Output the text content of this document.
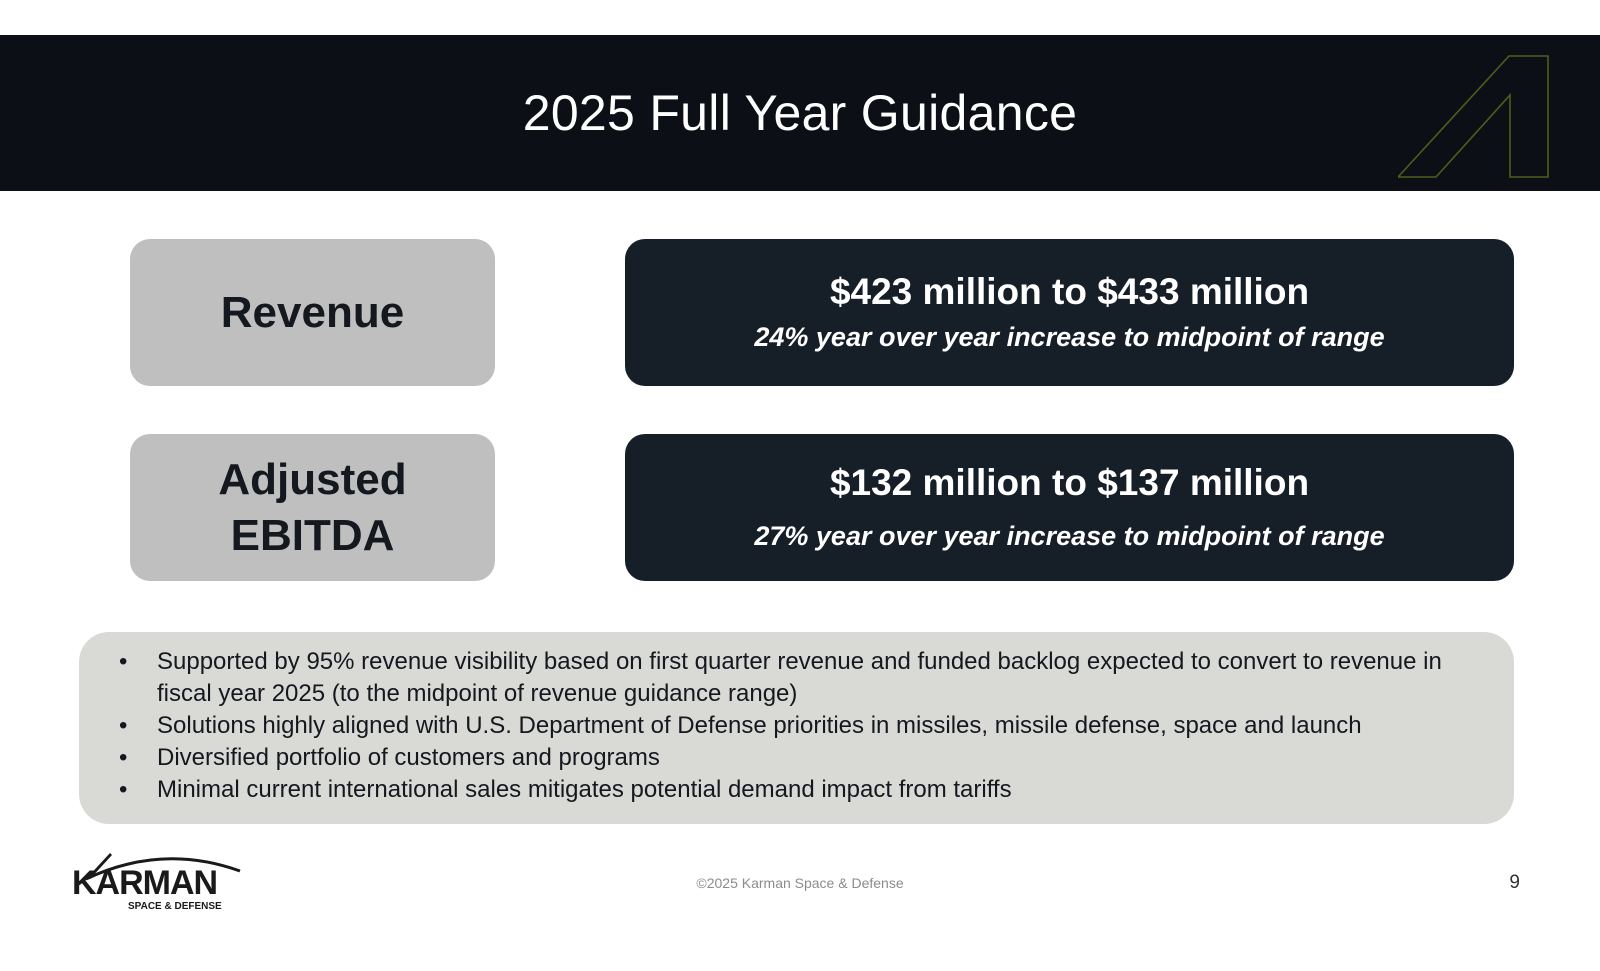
2025 Full Year Guidance
Revenue	$423 million to $433 million
24% year over year increase to midpoint of range
Adjusted
EBITDA
$132 million to $137 million
27% year over year increase to midpoint of range
• Supported by 95% revenue visibility based on first quarter revenue and funded backlog expected to convert to revenue in fiscal year 2025 (to the midpoint of revenue guidance range)
• Solutions highly aligned with U.S. Department of Defense priorities in missiles, missile defense, space and launch
• Diversified portfolio of customers and programs
• Minimal current international sales mitigates potential demand impact from tariffs
KARMAN
SPACE & DEFENSE
©2025 Karman Space & Defense	9
